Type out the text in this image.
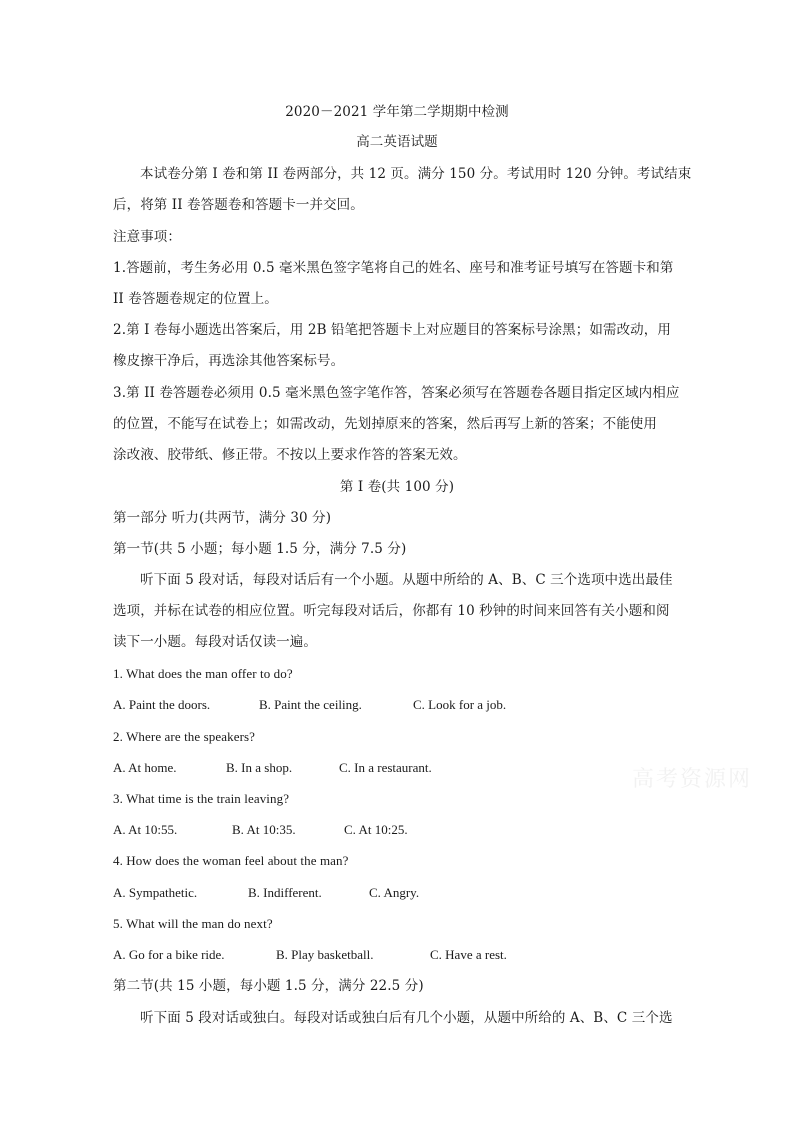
2020－2021 学年第二学期期中检测
高二英语试题
本试卷分第 I 卷和第 II 卷两部分，共 12 页。满分 150 分。考试用时 120 分钟。考试结束
后，将第 II 卷答题卷和答题卡一并交回。
注意事项：
1.答题前，考生务必用 0.5 毫米黑色签字笔将自己的姓名、座号和准考证号填写在答题卡和第
II 卷答题卷规定的位置上。
2.第 I 卷每小题选出答案后，用 2B 铅笔把答题卡上对应题目的答案标号涂黑；如需改动，用
橡皮擦干净后，再选涂其他答案标号。
3.第 II 卷答题卷必须用 0.5 毫米黑色签字笔作答，答案必须写在答题卷各题目指定区域内相应
的位置，不能写在试卷上；如需改动，先划掉原来的答案，然后再写上新的答案；不能使用
涂改液、胶带纸、修正带。不按以上要求作答的答案无效。
第 I 卷(共 100 分)
第一部分 听力(共两节，满分 30 分)
第一节(共 5 小题；每小题 1.5 分，满分 7.5 分)
听下面 5 段对话，每段对话后有一个小题。从题中所给的 A、B、C 三个选项中选出最佳
选项，并标在试卷的相应位置。听完每段对话后，你都有 10 秒钟的时间来回答有关小题和阅
读下一小题。每段对话仅读一遍。
1. What does the man offer to do?
A. Paint the doors.	B. Paint the ceiling.	C. Look for a job.
2. Where are the speakers?
A. At home.	B. In a shop.	C. In a restaurant.
3. What time is the train leaving?
A. At 10:55.	B. At 10:35.	C. At 10:25.
4. How does the woman feel about the man?
A. Sympathetic.	B. Indifferent.	C. Angry.
5. What will the man do next?
A. Go for a bike ride.	B. Play basketball.	C. Have a rest.
第二节(共 15 小题，每小题 1.5 分，满分 22.5 分)
听下面 5 段对话或独白。每段对话或独白后有几个小题，从题中所给的 A、B、C 三个选
高考资源网
